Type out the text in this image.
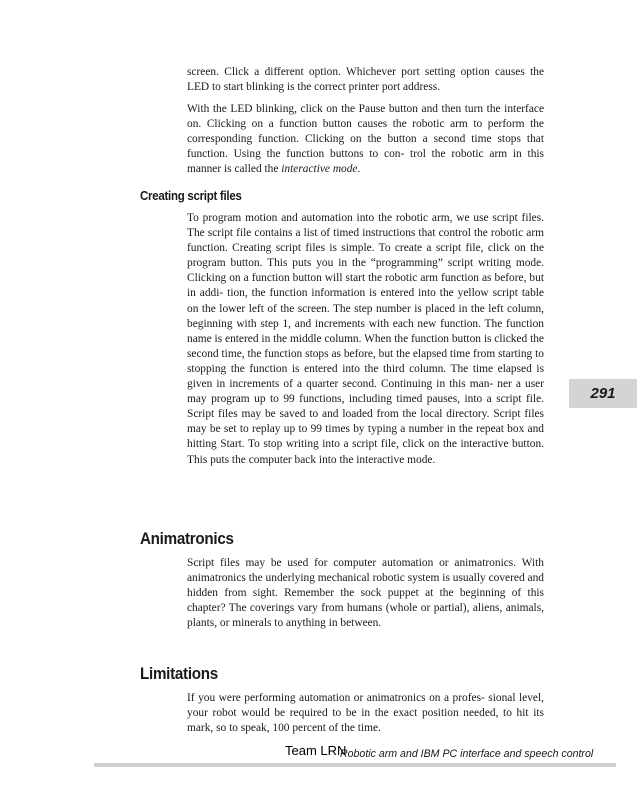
screen. Click a different option. Whichever port setting option causes the LED to start blinking is the correct printer port address.

With the LED blinking, click on the Pause button and then turn the interface on. Clicking on a function button causes the robotic arm to perform the corresponding function. Clicking on the button a second time stops that function. Using the function buttons to con- trol the robotic arm in this manner is called the interactive mode.

Creating script files

To program motion and automation into the robotic arm, we use script files. The script file contains a list of timed instructions that control the robotic arm function. Creating script files is simple. To create a script file, click on the program button. This puts you in the “programming” script writing mode. Clicking on a function button will start the robotic arm function as before, but in addi- tion, the function information is entered into the yellow script table on the lower left of the screen. The step number is placed in the left column, beginning with step 1, and increments with each new function. The function name is entered in the middle column. When the function button is clicked the second time, the function stops as before, but the elapsed time from starting to stopping the function is entered into the third column. The time elapsed is given in increments of a quarter second. Continuing in this man- ner a user may program up to 99 functions, including timed pauses, into a script file. Script files may be saved to and loaded from the local directory. Script files may be set to replay up to 99 times by typing a number in the repeat box and hitting Start. To stop writing into a script file, click on the interactive button. This puts the computer back into the interactive mode.

Animatronics

Script files may be used for computer automation or animatronics. With animatronics the underlying mechanical robotic system is usually covered and hidden from sight. Remember the sock puppet at the beginning of this chapter? The coverings vary from humans (whole or partial), aliens, animals, plants, or minerals to anything in between.

Limitations

If you were performing automation or animatronics on a profes- sional level, your robot would be required to be in the exact position needed, to hit its mark, so to speak, 100 percent of the time.

291
Robotic arm and IBM PC interface and speech control
Team LRN
